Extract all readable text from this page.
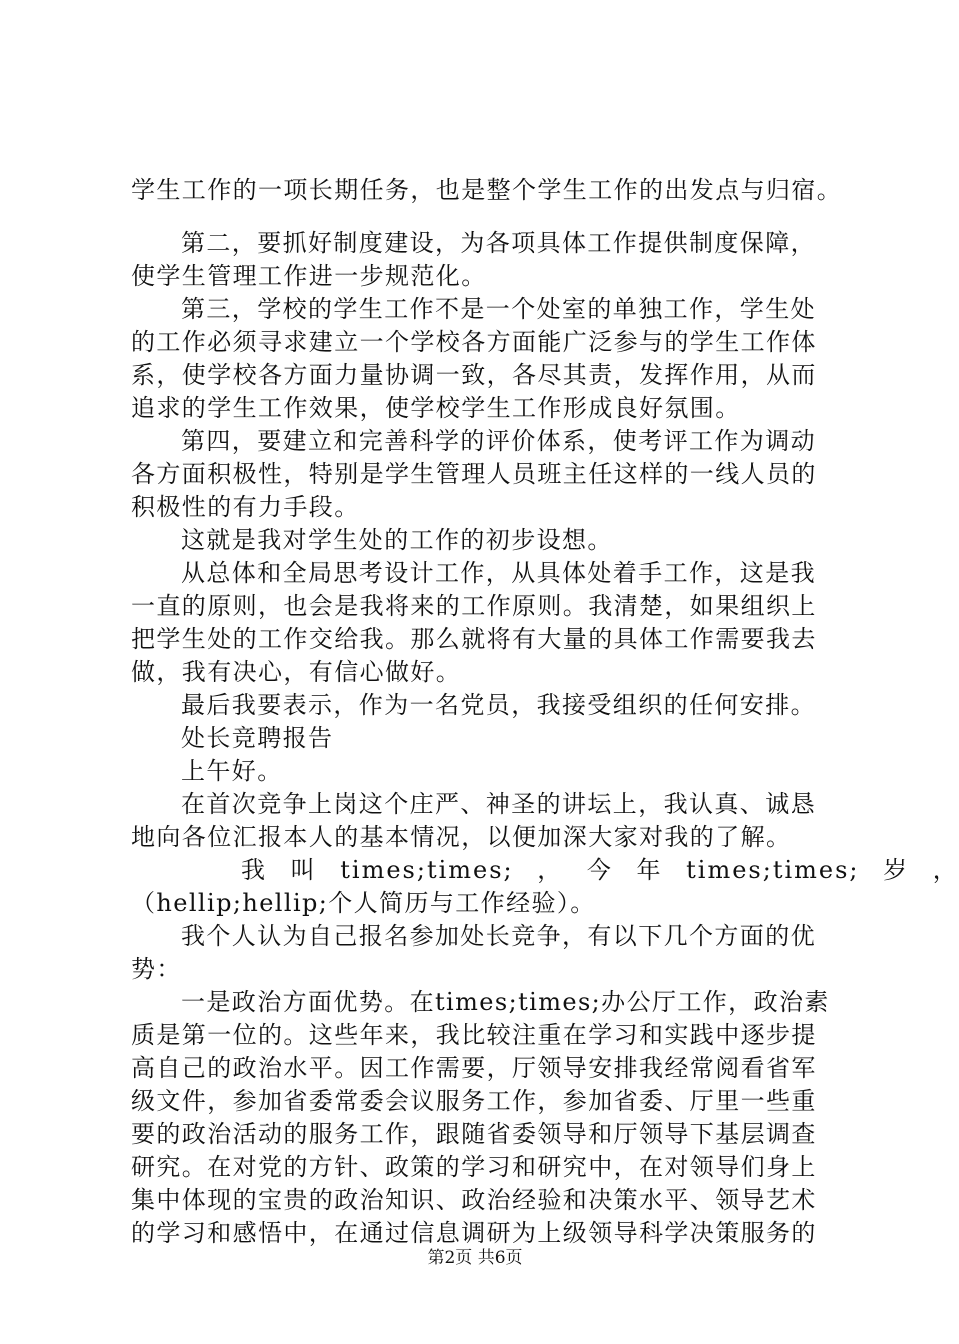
学生工作的一项长期任务，也是整个学生工作的出发点与归宿。
第二，要抓好制度建设，为各项具体工作提供制度保障，
使学生管理工作进一步规范化。
第三，学校的学生工作不是一个处室的单独工作，学生处
的工作必须寻求建立一个学校各方面能广泛参与的学生工作体
系，使学校各方面力量协调一致，各尽其责，发挥作用，从而
追求的学生工作效果，使学校学生工作形成良好氛围。
第四，要建立和完善科学的评价体系，使考评工作为调动
各方面积极性，特别是学生管理人员班主任这样的一线人员的
积极性的有力手段。
这就是我对学生处的工作的初步设想。
从总体和全局思考设计工作，从具体处着手工作，这是我
一直的原则，也会是我将来的工作原则。我清楚，如果组织上
把学生处的工作交给我。那么就将有大量的具体工作需要我去
做，我有决心，有信心做好。
最后我要表示，作为一名党员，我接受组织的任何安排。
处长竞聘报告
上午好。
在首次竞争上岗这个庄严、神圣的讲坛上，我认真、诚恳
地向各位汇报本人的基本情况，以便加深大家对我的了解。
我 叫 times;times; ， 今 年 times;times; 岁 ，
（hellip;hellip;个人简历与工作经验）。
我个人认为自己报名参加处长竞争，有以下几个方面的优
势：
一是政治方面优势。在times;times;办公厅工作，政治素
质是第一位的。这些年来，我比较注重在学习和实践中逐步提
高自己的政治水平。因工作需要，厅领导安排我经常阅看省军
级文件，参加省委常委会议服务工作，参加省委、厅里一些重
要的政治活动的服务工作，跟随省委领导和厅领导下基层调查
研究。在对党的方针、政策的学习和研究中，在对领导们身上
集中体现的宝贵的政治知识、政治经验和决策水平、领导艺术
的学习和感悟中，在通过信息调研为上级领导科学决策服务的
第2页 共6页
